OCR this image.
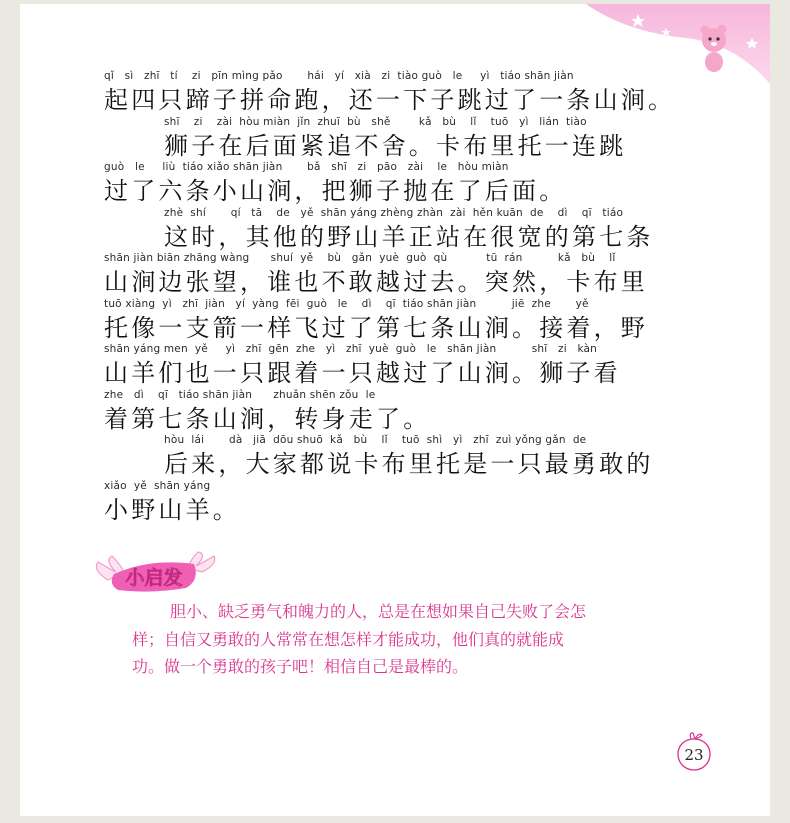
qǐ   sì   zhī   tí    zi   pīn mìng pǎo       hái   yí   xià   zi  tiào guò   le     yì   tiáo shān jiàn
起四只蹄子拼命跑，还一下子跳过了一条山涧。
shī    zi    zài  hòu miàn  jǐn  zhuī  bù   shě        kǎ   bù    lǐ    tuō   yì   lián  tiào
狮子在后面紧追不舍。卡布里托一连跳
guò   le     liù  tiáo xiǎo shān jiàn       bǎ   shī   zi   pāo   zài    le   hòu miàn
过了六条小山涧，把狮子抛在了后面。
zhè  shí       qí   tā    de   yě  shān yáng zhèng zhàn  zài  hěn kuān  de    dì    qī   tiáo
这时，其他的野山羊正站在很宽的第七条
shān jiàn biān zhāng wàng      shuí  yě    bù   gǎn  yuè  guò  qù           tū  rán          kǎ   bù    lǐ
山涧边张望，谁也不敢越过去。突然，卡布里
tuō xiàng  yì   zhī  jiàn   yí  yàng  fēi  guò   le    dì    qī  tiáo shān jiàn          jiē  zhe       yě
托像一支箭一样飞过了第七条山涧。接着，野
shān yáng men  yě     yì   zhī  gēn  zhe   yì   zhī  yuè  guò   le   shān jiàn          shī   zi   kàn
山羊们也一只跟着一只越过了山涧。狮子看
zhe   dì    qī   tiáo shān jiàn      zhuǎn shēn zǒu  le
着第七条山涧，转身走了。
hòu  lái       dà   jiā  dōu shuō  kǎ   bù    lǐ    tuō  shì   yì   zhī  zuì yǒng gǎn  de
后来，大家都说卡布里托是一只最勇敢的
xiǎo  yě  shān yáng
小野山羊。
小启发
胆小、缺乏勇气和魄力的人，总是在想如果自己失败了会怎
样；自信又勇敢的人常常在想怎样才能成功，他们真的就能成
功。做一个勇敢的孩子吧！相信自己是最棒的。
23
